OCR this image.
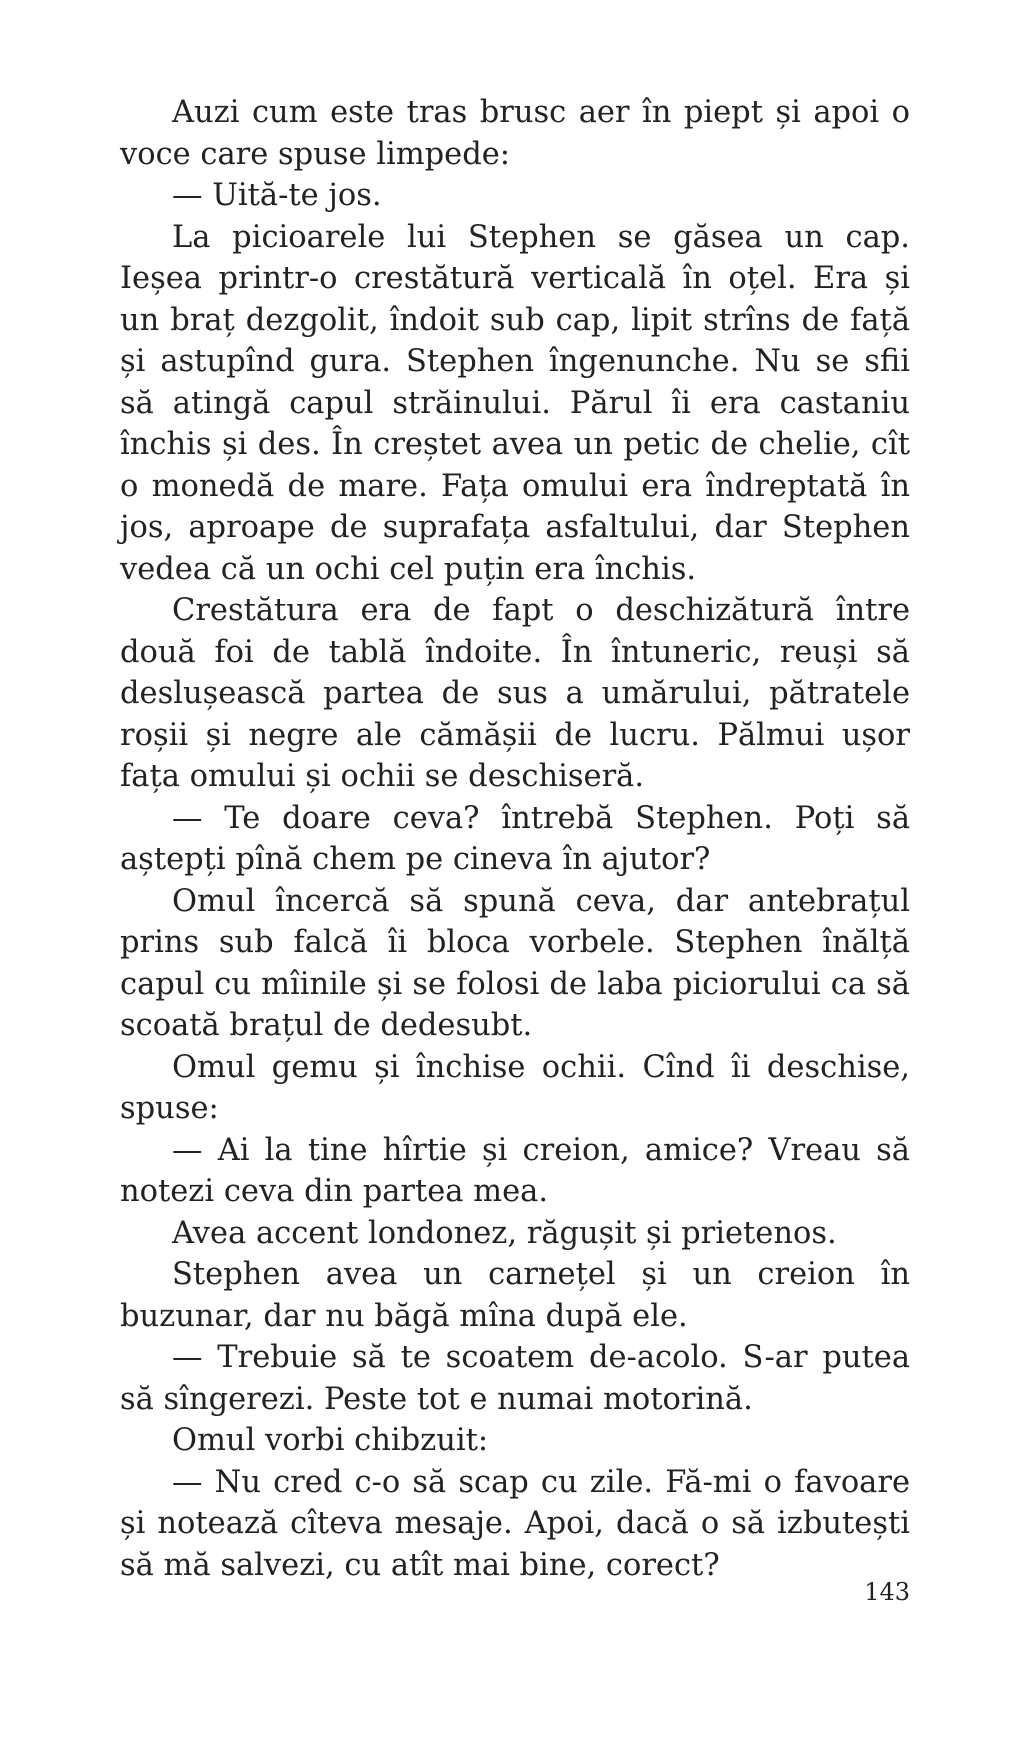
Auzi cum este tras brusc aer în piept și apoi o voce care spuse limpede:

— Uită-te jos.

La picioarele lui Stephen se găsea un cap. Ieșea printr-o crestătură verticală în oțel. Era și un braț dezgolit, îndoit sub cap, lipit strîns de față și astupînd gura. Stephen îngenunche. Nu se sfii să atingă capul străinului. Părul îi era castaniu închis și des. În creștet avea un petic de chelie, cît o monedă de mare. Fața omului era îndreptată în jos, aproape de suprafața asfaltului, dar Stephen vedea că un ochi cel puțin era închis.

Crestătura era de fapt o deschizătură între două foi de tablă îndoite. În întuneric, reuși să deslușească partea de sus a umărului, pătratele roșii și negre ale cămășii de lucru. Pălmui ușor fața omului și ochii se deschiseră.

— Te doare ceva? întrebă Stephen. Poți să aștepți pînă chem pe cineva în ajutor?

Omul încercă să spună ceva, dar antebrațul prins sub falcă îi bloca vorbele. Stephen înălță capul cu mîinile și se folosi de laba piciorului ca să scoată brațul de dedesubt.

Omul gemu și închise ochii. Cînd îi deschise, spuse:

— Ai la tine hîrtie și creion, amice? Vreau să notezi ceva din partea mea.

Avea accent londonez, răgușit și prietenos.

Stephen avea un carnețel și un creion în buzunar, dar nu băgă mîna după ele.

— Trebuie să te scoatem de-acolo. S-ar putea să sîngerezi. Peste tot e numai motorină.

Omul vorbi chibzuit:

— Nu cred c-o să scap cu zile. Fă-mi o favoare și notează cîteva mesaje. Apoi, dacă o să izbutești să mă salvezi, cu atît mai bine, corect?

143
